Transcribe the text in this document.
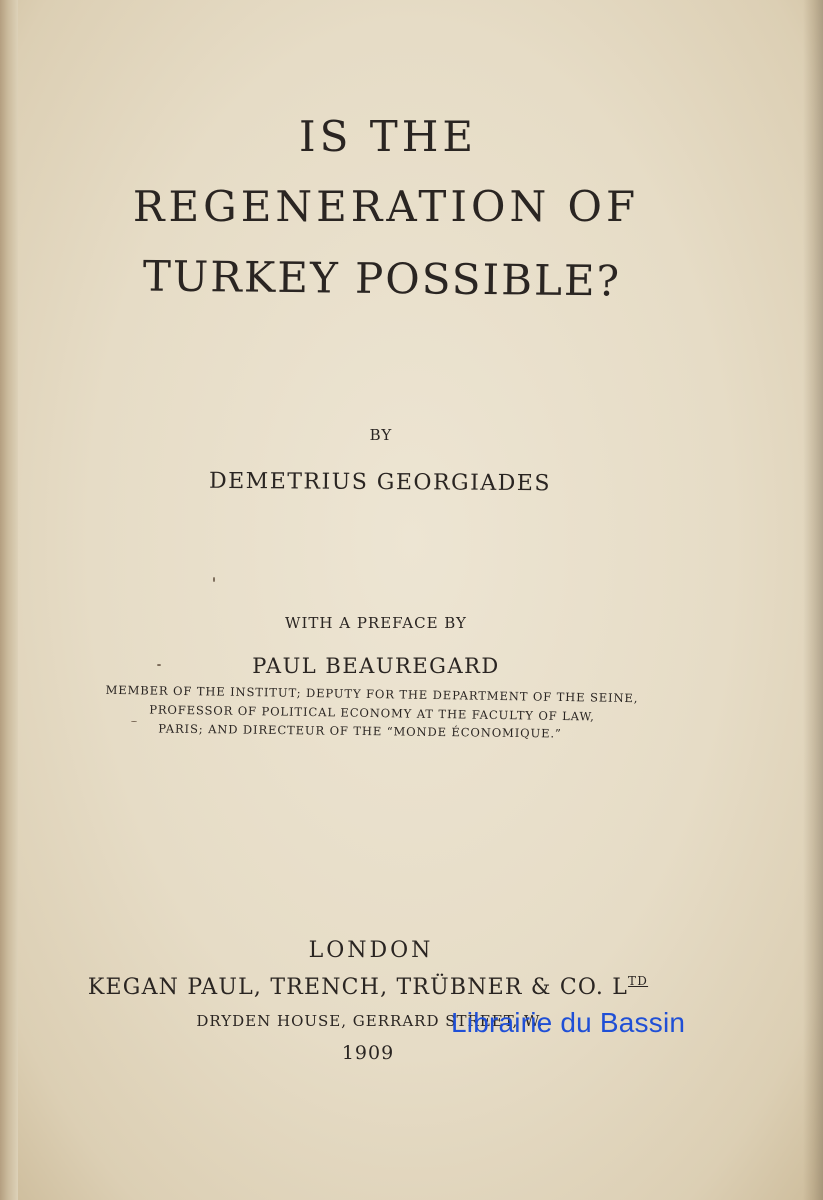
IS THE
REGENERATION OF
TURKEY POSSIBLE?
BY
DEMETRIUS GEORGIADES
WITH A PREFACE BY
PAUL BEAUREGARD
MEMBER OF THE INSTITUT; DEPUTY FOR THE DEPARTMENT OF THE SEINE,
PROFESSOR OF POLITICAL ECONOMY AT THE FACULTY OF LAW,
PARIS; AND DIRECTEUR OF THE “MONDE ÉCONOMIQUE.”
LONDON
KEGAN PAUL, TRENCH, TRÜBNER & CO. $L^{TD}$
DRYDEN HOUSE, GERRARD STREET, W.
1909
Librairie du Bassin
